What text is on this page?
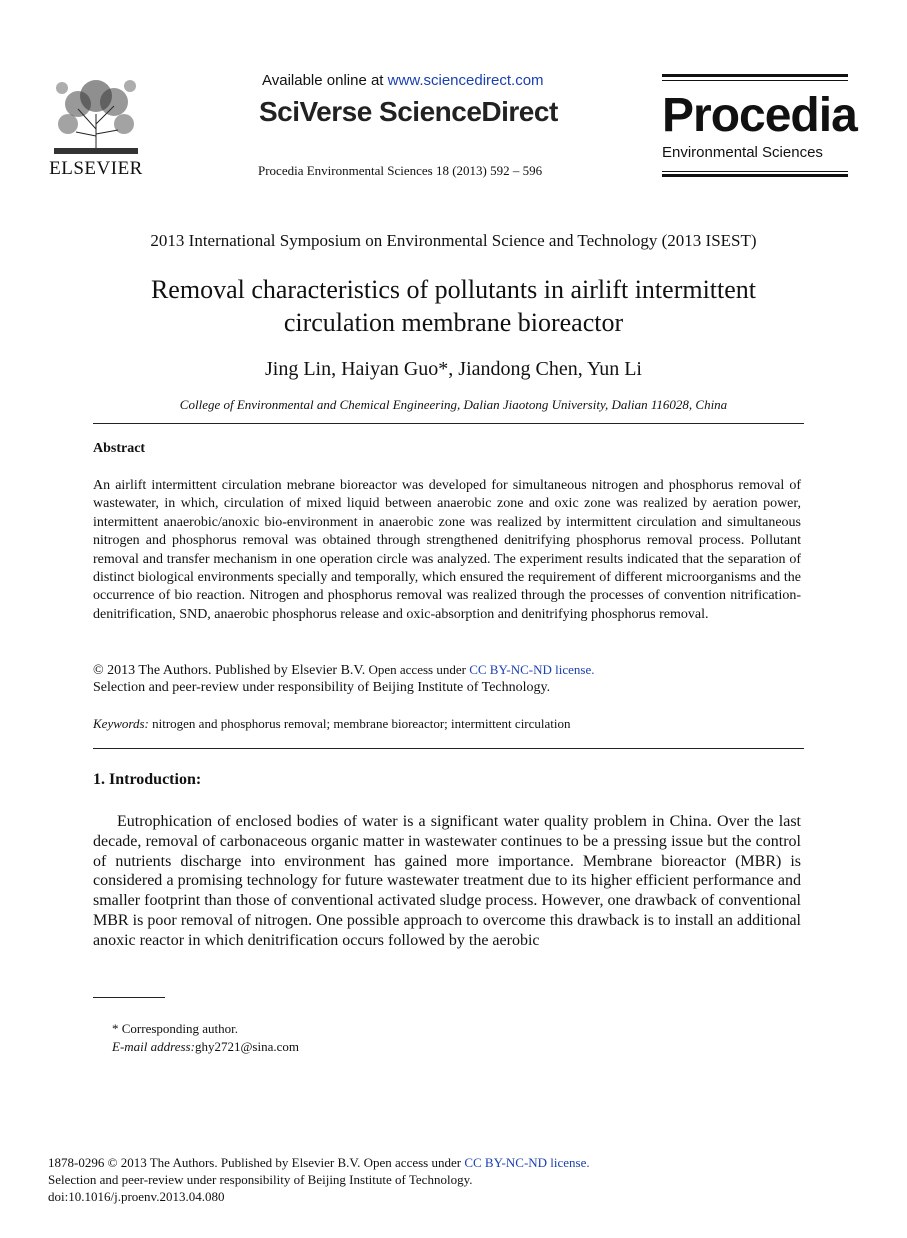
ELSEVIER
Available online at www.sciencedirect.com
SciVerse ScienceDirect
Procedia Environmental Sciences 18 (2013) 592 – 596
Procedia
Environmental Sciences
2013 International Symposium on Environmental Science and Technology (2013 ISEST)
Removal characteristics of pollutants in airlift intermittent
circulation membrane bioreactor
Jing Lin, Haiyan Guo*, Jiandong Chen, Yun Li
College of Environmental and Chemical Engineering, Dalian Jiaotong University, Dalian 116028, China
Abstract
An airlift intermittent circulation mebrane bioreactor was developed for simultaneous nitrogen and phosphorus removal of wastewater, in which, circulation of mixed liquid between anaerobic zone and oxic zone was realized by aeration power, intermittent anaerobic/anoxic bio-environment in anaerobic zone was realized by intermittent circulation and simultaneous nitrogen and phosphorus removal was obtained through strengthened denitrifying phosphorus removal process. Pollutant removal and transfer mechanism in one operation circle was analyzed. The experiment results indicated that the separation of distinct biological environments specially and temporally, which ensured the requirement of different microorganisms and the occurrence of bio reaction. Nitrogen and phosphorus removal was realized through the processes of convention nitrification-denitrification, SND, anaerobic phosphorus release and oxic-absorption and denitrifying phosphorus removal.
© 2013 The Authors. Published by Elsevier B.V. Open access under CC BY-NC-ND license.
Selection and peer-review under responsibility of Beijing Institute of Technology.
Keywords: nitrogen and phosphorus removal; membrane bioreactor; intermittent circulation
1. Introduction:
Eutrophication of enclosed bodies of water is a significant water quality problem in China. Over the last decade, removal of carbonaceous organic matter in wastewater continues to be a pressing issue but the control of nutrients discharge into environment has gained more importance. Membrane bioreactor (MBR) is considered a promising technology for future wastewater treatment due to its higher efficient performance and smaller footprint than those of conventional activated sludge process. However, one drawback of conventional MBR is poor removal of nitrogen. One possible approach to overcome this drawback is to install an additional anoxic reactor in which denitrification occurs followed by the aerobic
* Corresponding author.
E-mail address:ghy2721@sina.com
1878-0296 © 2013 The Authors. Published by Elsevier B.V. Open access under CC BY-NC-ND license.
Selection and peer-review under responsibility of Beijing Institute of Technology.
doi:10.1016/j.proenv.2013.04.080
